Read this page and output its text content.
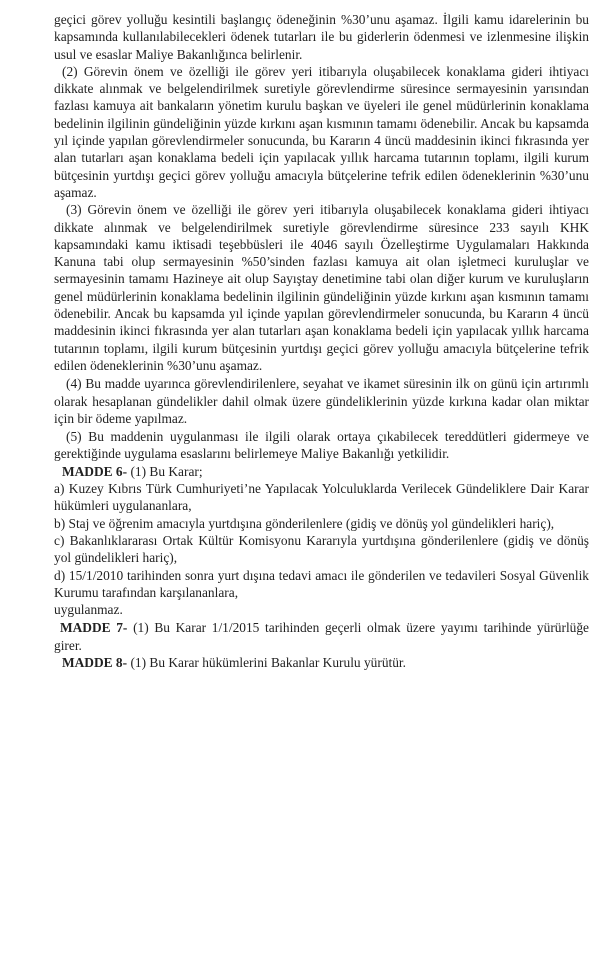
geçici görev yolluğu kesintili başlangıç ödeneğinin %30’unu aşamaz. İlgili kamu idarelerinin bu kapsamında kullanılabilecekleri ödenek tutarları ile bu giderlerin ödenmesi ve izlenmesine ilişkin usul ve esaslar Maliye Bakanlığınca belirlenir.

(2) Görevin önem ve özelliği ile görev yeri itibarıyla oluşabilecek konaklama gideri ihtiyacı dikkate alınmak ve belgelendirilmek suretiyle görevlendirme süresince sermayesinin yarısından fazlası kamuya ait bankaların yönetim kurulu başkan ve üyeleri ile genel müdürlerinin konaklama bedelinin ilgilinin gündeliğinin yüzde kırkını aşan kısmının tamamı ödenebilir. Ancak bu kapsamda yıl içinde yapılan görevlendirmeler sonucunda, bu Kararın 4 üncü maddesinin ikinci fıkrasında yer alan tutarları aşan konaklama bedeli için yapılacak yıllık harcama tutarının toplamı, ilgili kurum bütçesinin yurtdışı geçici görev yolluğu amacıyla bütçelerine tefrik edilen ödeneklerinin %30’unu aşamaz.

(3) Görevin önem ve özelliği ile görev yeri itibarıyla oluşabilecek konaklama gideri ihtiyacı dikkate alınmak ve belgelendirilmek suretiyle görevlendirme süresince 233 sayılı KHK kapsamındaki kamu iktisadi teşebbüsleri ile 4046 sayılı Özelleştirme Uygulamaları Hakkında Kanuna tabi olup sermayesinin %50’sinden fazlası kamuya ait olan işletmeci kuruluşlar ve sermayesinin tamamı Hazineye ait olup Sayıştay denetimine tabi olan diğer kurum ve kuruluşların genel müdürlerinin konaklama bedelinin ilgilinin gündeliğinin yüzde kırkını aşan kısmının tamamı ödenebilir. Ancak bu kapsamda yıl içinde yapılan görevlendirmeler sonucunda, bu Kararın 4 üncü maddesinin ikinci fıkrasında yer alan tutarları aşan konaklama bedeli için yapılacak yıllık harcama tutarının toplamı, ilgili kurum bütçesinin yurtdışı geçici görev yolluğu amacıyla bütçelerine tefrik edilen ödeneklerinin %30’unu aşamaz.

(4) Bu madde uyarınca görevlendirilenlere, seyahat ve ikamet süresinin ilk on günü için artırımlı olarak hesaplanan gündelikler dahil olmak üzere gündeliklerinin yüzde kırkına kadar olan miktar için bir ödeme yapılmaz.

(5) Bu maddenin uygulanması ile ilgili olarak ortaya çıkabilecek tereddütleri gidermeye ve gerektiğinde uygulama esaslarını belirlemeye Maliye Bakanlığı yetkilidir.

MADDE 6- (1) Bu Karar;

a) Kuzey Kıbrıs Türk Cumhuriyeti’ne Yapılacak Yolculuklarda Verilecek Gündeliklere Dair Karar hükümleri uygulananlara,

b) Staj ve öğrenim amacıyla yurtdışına gönderilenlere (gidiş ve dönüş yol gündelikleri hariç),

c) Bakanlıklararası Ortak Kültür Komisyonu Kararıyla yurtdışına gönderilenlere (gidiş ve dönüş yol gündelikleri hariç),

d) 15/1/2010 tarihinden sonra yurt dışına tedavi amacı ile gönderilen ve tedavileri Sosyal Güvenlik Kurumu tarafından karşılananlara,

uygulanmaz.

MADDE 7- (1) Bu Karar 1/1/2015 tarihinden geçerli olmak üzere yayımı tarihinde yürürlüğe girer.

MADDE 8- (1) Bu Karar hükümlerini Bakanlar Kurulu yürütür.
